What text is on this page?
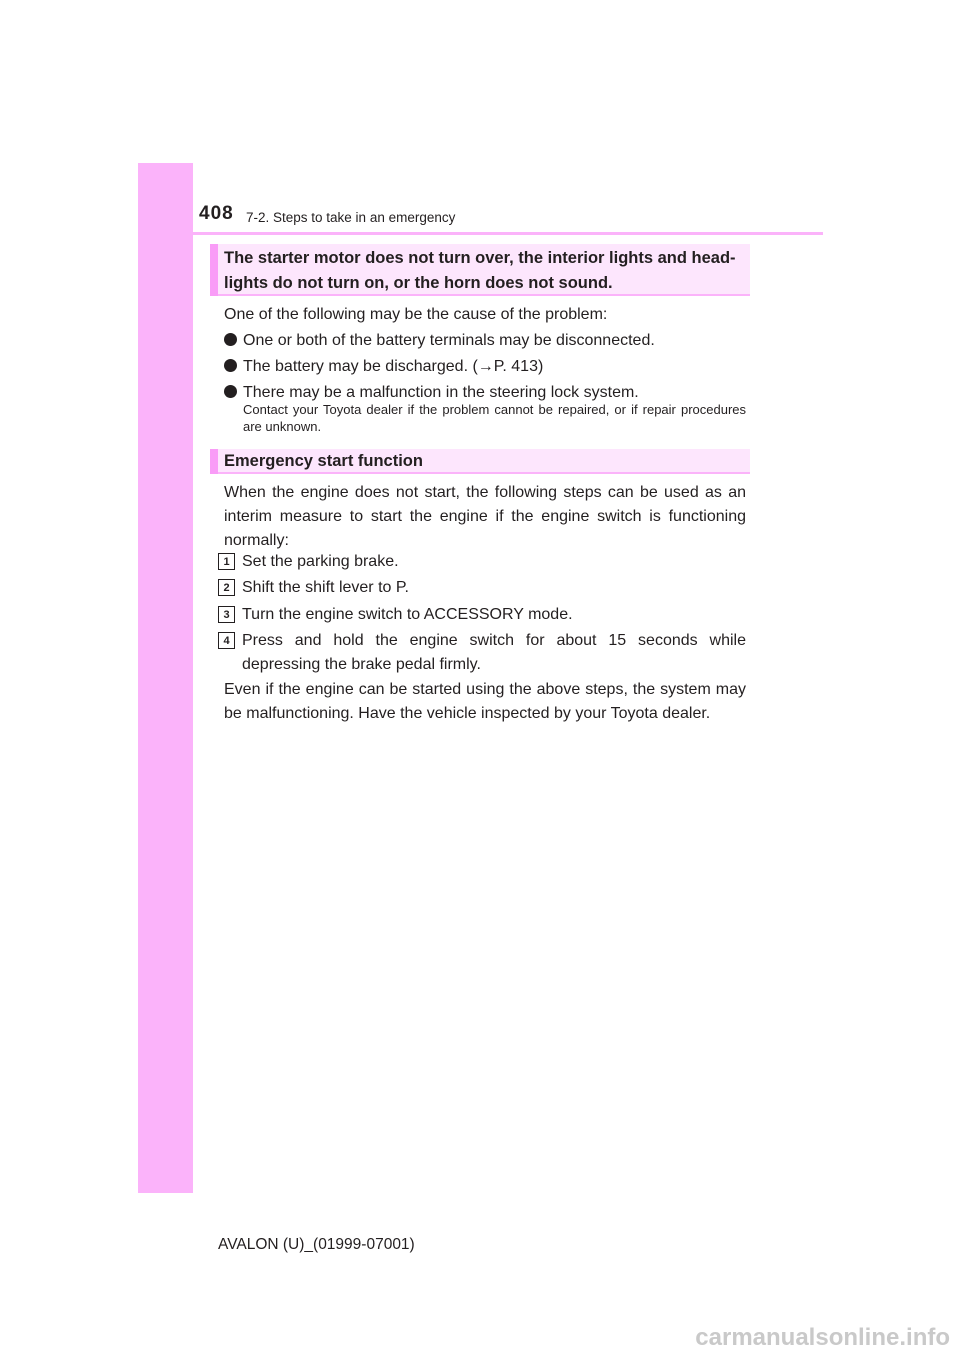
408 7-2. Steps to take in an emergency
The starter motor does not turn over, the interior lights and head-lights do not turn on, or the horn does not sound.
One of the following may be the cause of the problem:
One or both of the battery terminals may be disconnected.
The battery may be discharged. (→P. 413)
There may be a malfunction in the steering lock system.
Contact your Toyota dealer if the problem cannot be repaired, or if repair procedures are unknown.
Emergency start function
When the engine does not start, the following steps can be used as an interim measure to start the engine if the engine switch is functioning normally:
1 Set the parking brake.
2 Shift the shift lever to P.
3 Turn the engine switch to ACCESSORY mode.
4 Press and hold the engine switch for about 15 seconds while depressing the brake pedal firmly.
Even if the engine can be started using the above steps, the system may be malfunctioning. Have the vehicle inspected by your Toyota dealer.
AVALON (U)_(01999-07001)
carmanualsonline.info
